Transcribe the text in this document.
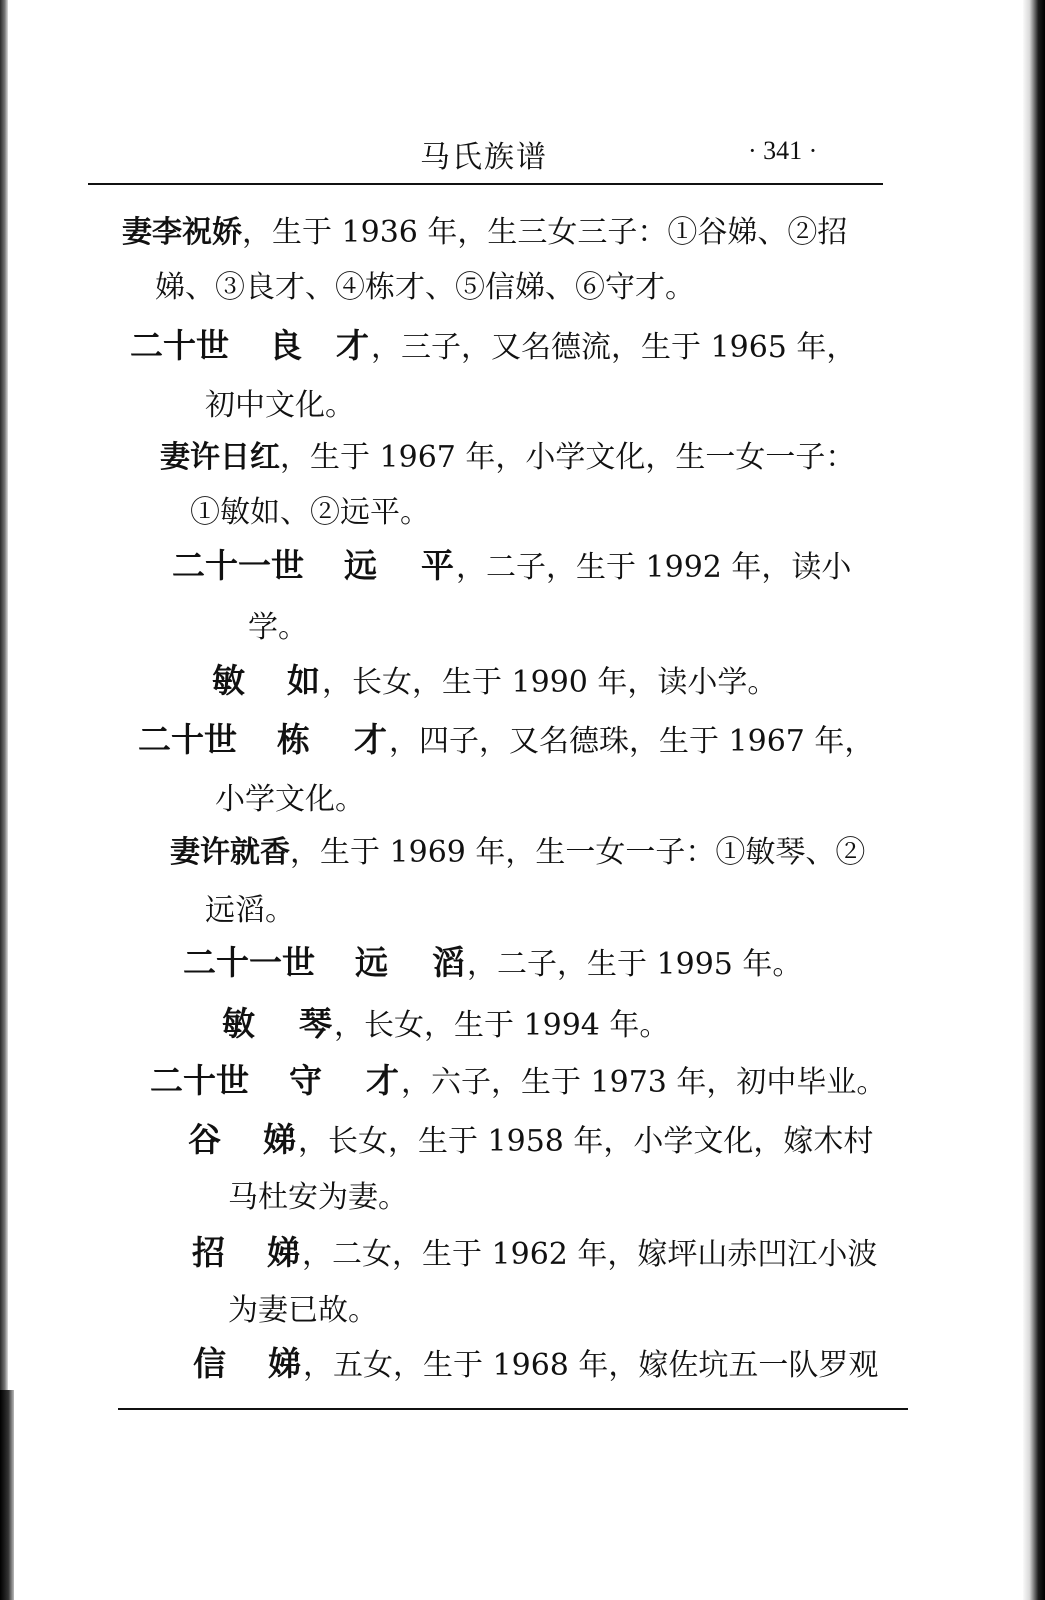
马氏族谱	· 341 ·
妻李祝娇，生于 1936 年，生三女三子：①谷娣、②招
娣、③良才、④栋才、⑤信娣、⑥守才。
二十世 良 才，三子，又名德流，生于 1965 年，
初中文化。
妻许日红，生于 1967 年，小学文化，生一女一子：
①敏如、②远平。
二十一世 远 平，二子，生于 1992 年，读小
学。
敏 如，长女，生于 1990 年，读小学。
二十世 栋 才，四子，又名德珠，生于 1967 年，
小学文化。
妻许就香，生于 1969 年，生一女一子：①敏琴、②
远滔。
二十一世 远 滔，二子，生于 1995 年。
敏 琴，长女，生于 1994 年。
二十世 守 才，六子，生于 1973 年，初中毕业。
谷 娣，长女，生于 1958 年，小学文化，嫁木村
马杜安为妻。
招 娣，二女，生于 1962 年，嫁坪山赤凹江小波
为妻已故。
信 娣，五女，生于 1968 年，嫁佐坑五一队罗观
